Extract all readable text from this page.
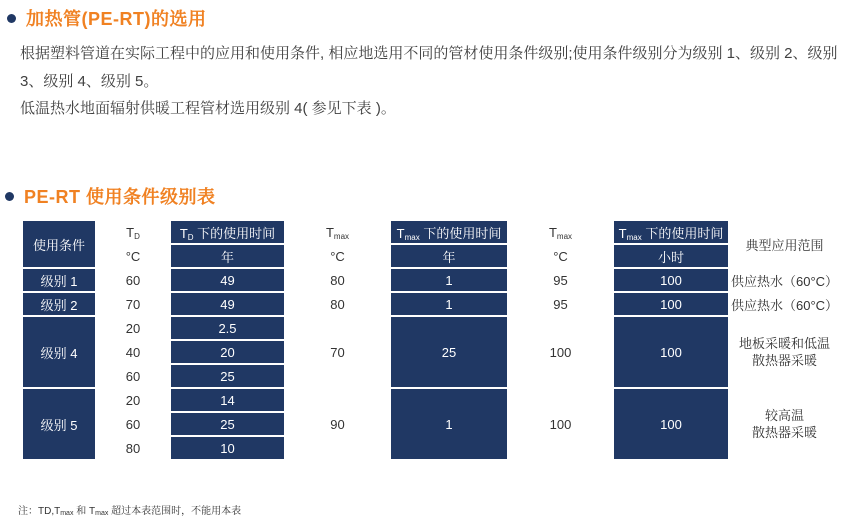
加热管(PE-RT)的选用

根据塑料管道在实际工程中的应用和使用条件, 相应地选用不同的管材使用条件级别;使用条件级别分为级别 1、级别 2、级别 3、级别 4、级别 5。

低温热水地面辐射供暖工程管材选用级别 4( 参见下表 )。

PE-RT 使用条件级别表
使用条件	$T_D$	$T_D$ 下的使用时间	$T_{max}$	$T_{max}$ 下的使用时间	$T_{max}$	$T_{max}$ 下的使用时间	典型应用范围
	°C	年	°C	年	°C	小时	
级别 1	60	49	80	1	95	100	供应热水（60°C）
级别 2	70	49	80	1	95	100	供应热水（60°C）
级别 4	20	2.5	70	25	100	100	地板采暖和低温
散热器采暖

	40	20					
	60	25					
级别 5	20	14	90	1	100	100	较高温
散热器采暖

	60	25					
	80	10					
注：$TD,T_{max}$ 和 $T_{max}$ 超过本表范围时，不能用本表
